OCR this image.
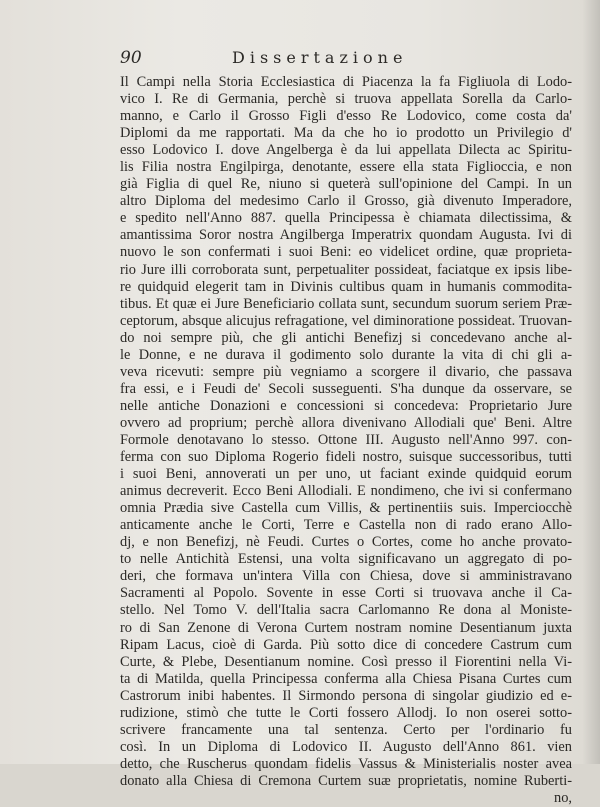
90	Dissertazione
Il Campi nella Storia Ecclesiastica di Piacenza la fa Figliuola di Lodo-
vico I. Re di Germania, perchè si truova appellata Sorella da Carlo-
manno, e Carlo il Grosso Figli d'esso Re Lodovico, come costa da'
Diplomi da me rapportati. Ma da che ho io prodotto un Privilegio d'
esso Lodovico I. dove Angelberga è da lui appellata Dilecta ac Spiritu-
lis Filia nostra Engilpirga, denotante, essere ella stata Figlioccia, e non
già Figlia di quel Re, niuno si queterà sull'opinione del Campi. In un
altro Diploma del medesimo Carlo il Grosso, già divenuto Imperadore,
e spedito nell'Anno 887. quella Principessa è chiamata dilectissima, &
amantissima Soror nostra Angilberga Imperatrix quondam Augusta. Ivi di
nuovo le son confermati i suoi Beni: eo videlicet ordine, quæ proprieta-
rio Jure illi corroborata sunt, perpetualiter possideat, faciatque ex ipsis libe-
re quidquid elegerit tam in Divinis cultibus quam in humanis commodita-
tibus. Et quæ ei Jure Beneficiario collata sunt, secundum suorum seriem Præ-
ceptorum, absque alicujus refragatione, vel diminoratione possideat. Truovan-
do noi sempre più, che gli antichi Benefizj si concedevano anche al-
le Donne, e ne durava il godimento solo durante la vita di chi gli a-
veva ricevuti: sempre più vegniamo a scorgere il divario, che passava
fra essi, e i Feudi de' Secoli susseguenti. S'ha dunque da osservare, se
nelle antiche Donazioni e concessioni si concedeva: Proprietario Jure
ovvero ad proprium; perchè allora divenivano Allodiali que' Beni. Altre
Formole denotavano lo stesso. Ottone III. Augusto nell'Anno 997. con-
ferma con suo Diploma Rogerio fideli nostro, suisque successoribus, tutti
i suoi Beni, annoverati un per uno, ut faciant exinde quidquid eorum
animus decreverit. Ecco Beni Allodiali. E nondimeno, che ivi si confermano
omnia Prædia sive Castella cum Villis, & pertinentiis suis. Imperciocchè
anticamente anche le Corti, Terre e Castella non di rado erano Allo-
dj, e non Benefizj, nè Feudi. Curtes o Cortes, come ho anche provato-
to nelle Antichità Estensi, una volta significavano un aggregato di po-
deri, che formava un'intera Villa con Chiesa, dove si amministravano
Sacramenti al Popolo. Sovente in esse Corti si truovava anche il Ca-
stello. Nel Tomo V. dell'Italia sacra Carlomanno Re dona al Moniste-
ro di San Zenone di Verona Curtem nostram nomine Desentianum juxta
Ripam Lacus, cioè di Garda. Più sotto dice di concedere Castrum cum
Curte, & Plebe, Desentianum nomine. Così presso il Fiorentini nella Vi-
ta di Matilda, quella Principessa conferma alla Chiesa Pisana Curtes cum
Castrorum inibi habentes. Il Sirmondo persona di singolar giudizio ed e-
rudizione, stimò che tutte le Corti fossero Allodj. Io non oserei sotto-
scrivere francamente una tal sentenza. Certo per l'ordinario fu
così. In un Diploma di Lodovico II. Augusto dell'Anno 861. vien
detto, che Ruscherus quondam fidelis Vassus & Ministerialis noster avea
donato alla Chiesa di Cremona Curtem suæ proprietatis, nomine Ruberti-
no,
